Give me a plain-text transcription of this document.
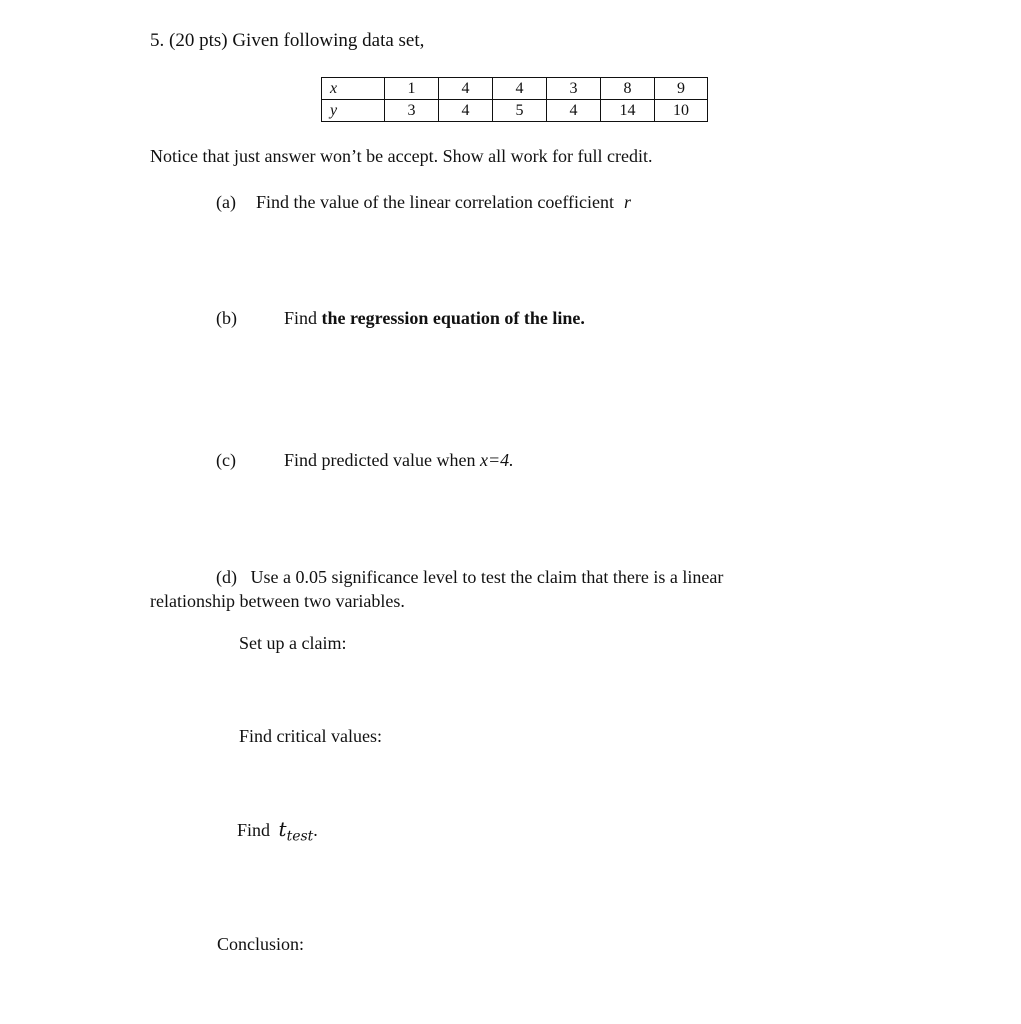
5. (20 pts) Given following data set,
x	1	4	4	3	8	9
y	3	4	5	4	14	10
Notice that just answer won’t be accept. Show all work for full credit.
(a) Find the value of the linear correlation coefficient r
(b)	Find the regression equation of the line.
(c)	Find predicted value when x=4.
(d) Use a 0.05 significance level to test the claim that there is a linear
relationship between two variables.
Set up a claim:
Find critical values:
Find $t_{test}$.
Conclusion:
